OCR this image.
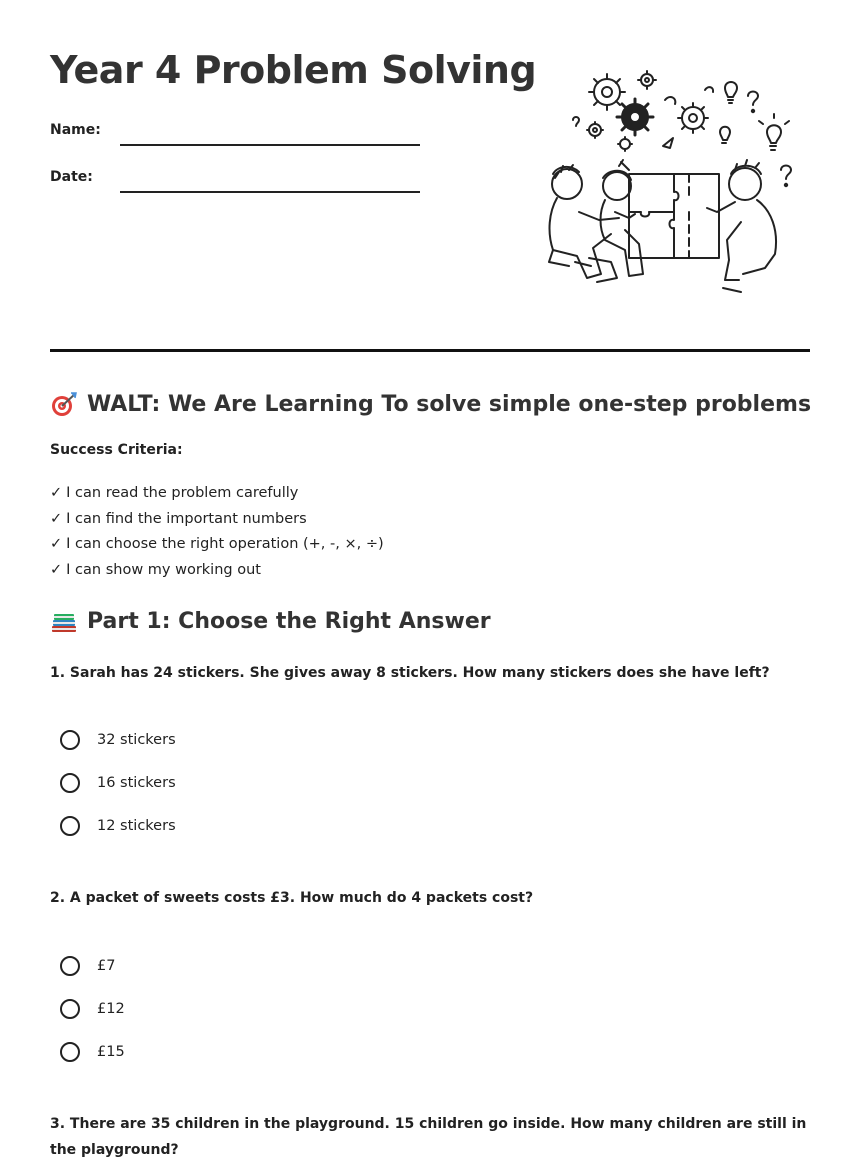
Year 4 Problem Solving
Name:
Date:
WALT: We Are Learning To solve simple one-step problems
Success Criteria:
✓ I can read the problem carefully
✓ I can find the important numbers
✓ I can choose the right operation (+, -, ×, ÷)
✓ I can show my working out
Part 1: Choose the Right Answer
1. Sarah has 24 stickers. She gives away 8 stickers. How many stickers does she have left?
32 stickers
16 stickers
12 stickers
2. A packet of sweets costs £3. How much do 4 packets cost?
£7
£12
£15
3. There are 35 children in the playground. 15 children go inside. How many children are still in the playground?
